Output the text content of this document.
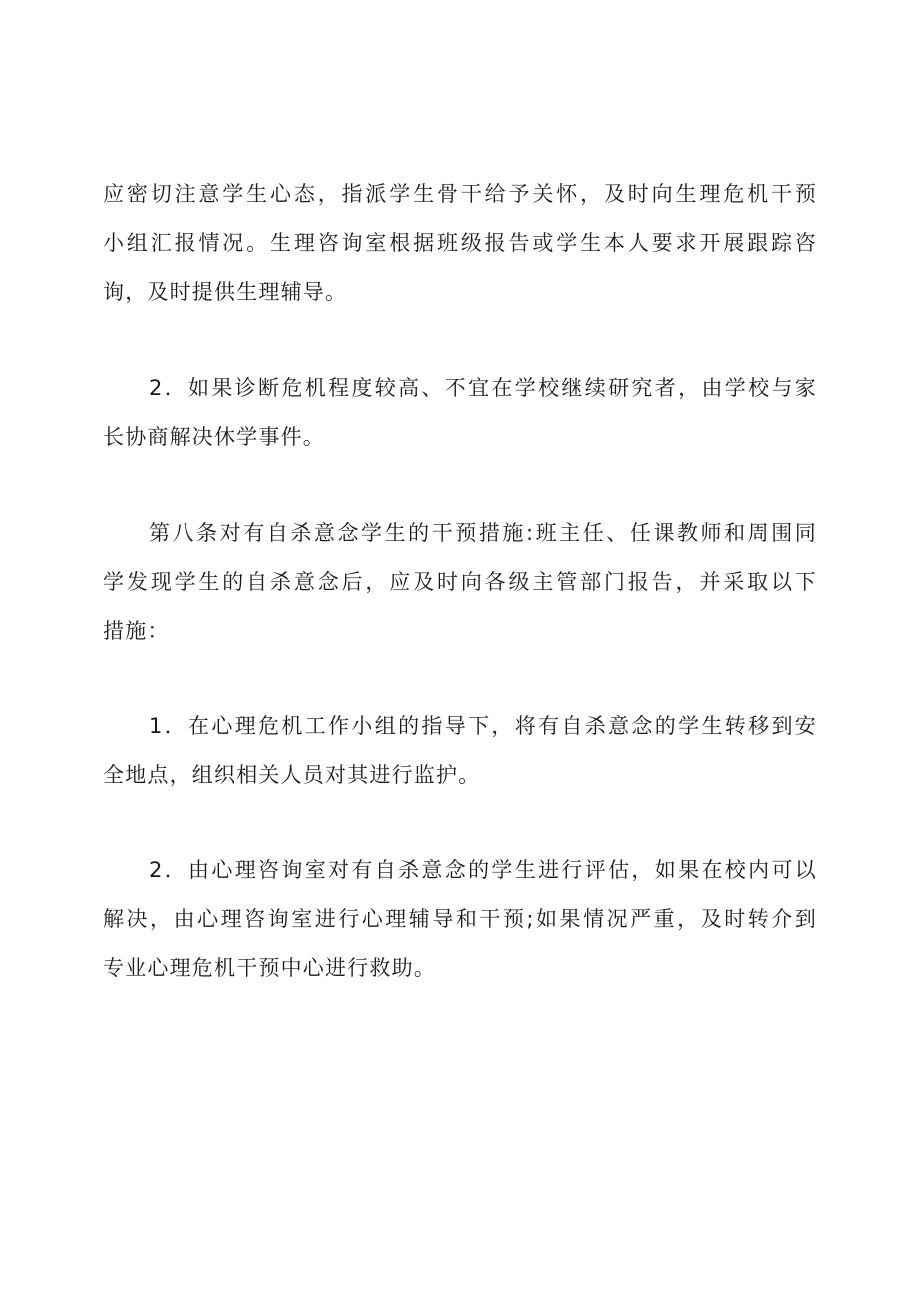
应密切注意学生心态，指派学生骨干给予关怀，及时向生理危机干预
小组汇报情况。生理咨询室根据班级报告或学生本人要求开展跟踪咨
询，及时提供生理辅导。
2．如果诊断危机程度较高、不宜在学校继续研究者，由学校与家
长协商解决休学事件。
第八条对有自杀意念学生的干预措施:班主任、任课教师和周围同
学发现学生的自杀意念后，应及时向各级主管部门报告，并采取以下
措施：
1．在心理危机工作小组的指导下，将有自杀意念的学生转移到安
全地点，组织相关人员对其进行监护。
2．由心理咨询室对有自杀意念的学生进行评估，如果在校内可以
解决，由心理咨询室进行心理辅导和干预;如果情况严重，及时转介到
专业心理危机干预中心进行救助。
